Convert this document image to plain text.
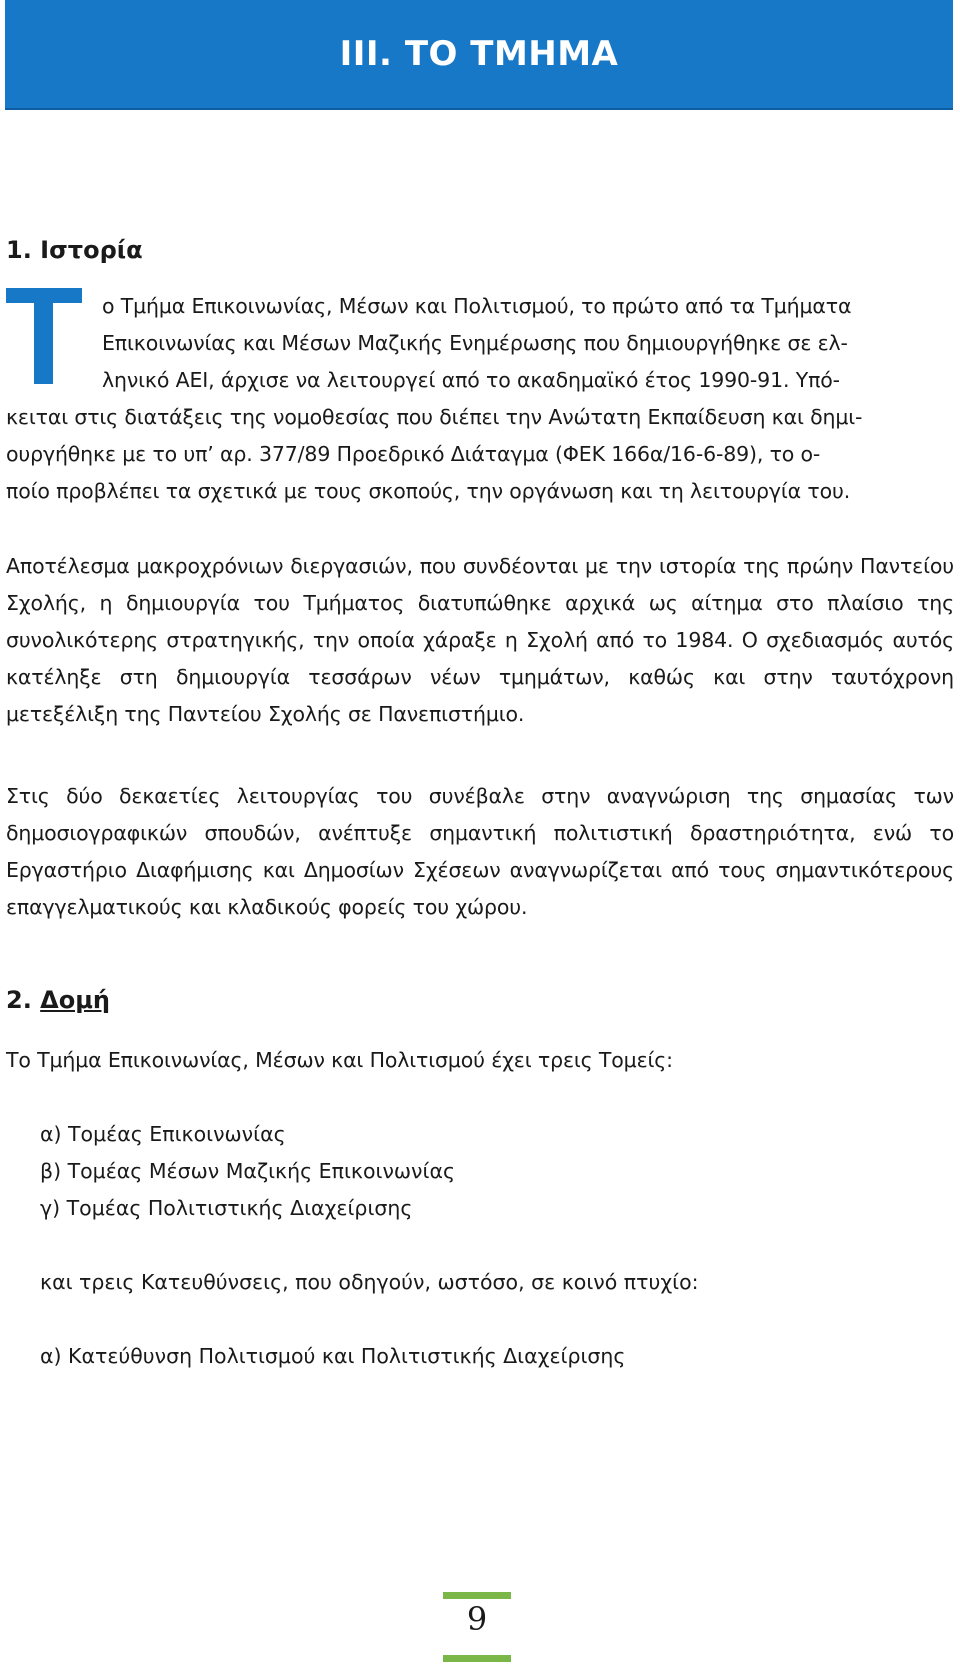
III. ΤΟ ΤΜΗΜΑ
1. Ιστορία
ο Τμήμα Επικοινωνίας, Μέσων και Πολιτισμού, το πρώτο από τα Τμήματα
Επικοινωνίας και Μέσων Μαζικής Ενημέρωσης που δημιουργήθηκε σε ελ-
ληνικό ΑΕΙ, άρχισε να λειτουργεί από το ακαδημαϊκό έτος 1990-91. Υπό-
κειται στις διατάξεις της νομοθεσίας που διέπει την Ανώτατη Εκπαίδευση και δημι-
ουργήθηκε με το υπ’ αρ. 377/89 Προεδρικό Διάταγμα (ΦΕΚ 166α/16-6-89), το ο-
ποίο προβλέπει τα σχετικά με τους σκοπούς, την οργάνωση και τη λειτουργία του.

Αποτέλεσμα μακροχρόνιων διεργασιών, που συνδέονται με την ιστορία της πρώην Παντείου Σχολής, η δημιουργία του Τμήματος διατυπώθηκε αρχικά ως αίτημα στο πλαίσιο της συνολικότερης στρατηγικής, την οποία χάραξε η Σχολή από το 1984. Ο σχεδιασμός αυτός κατέληξε στη δημιουργία τεσσάρων νέων τμημάτων, καθώς και στην ταυτόχρονη μετεξέλιξη της Παντείου Σχολής σε Πανεπιστήμιο.

Στις δύο δεκαετίες λειτουργίας του συνέβαλε στην αναγνώριση της σημασίας των δημοσιογραφικών σπουδών, ανέπτυξε σημαντική πολιτιστική δραστηριότητα, ενώ το Εργαστήριο Διαφήμισης και Δημοσίων Σχέσεων αναγνωρίζεται από τους σημαντικότερους επαγγελματικούς και κλαδικούς φορείς του χώρου.

2. Δομή

Το Τμήμα Επικοινωνίας, Μέσων και Πολιτισμού έχει τρεις Τομείς:

α) Τομέας Επικοινωνίας
β) Τομέας Μέσων Μαζικής Επικοινωνίας
γ) Τομέας Πολιτιστικής Διαχείρισης
και τρεις Κατευθύνσεις, που οδηγούν, ωστόσο, σε κοινό πτυχίο:
α) Κατεύθυνση Πολιτισμού και Πολιτιστικής Διαχείρισης
9
